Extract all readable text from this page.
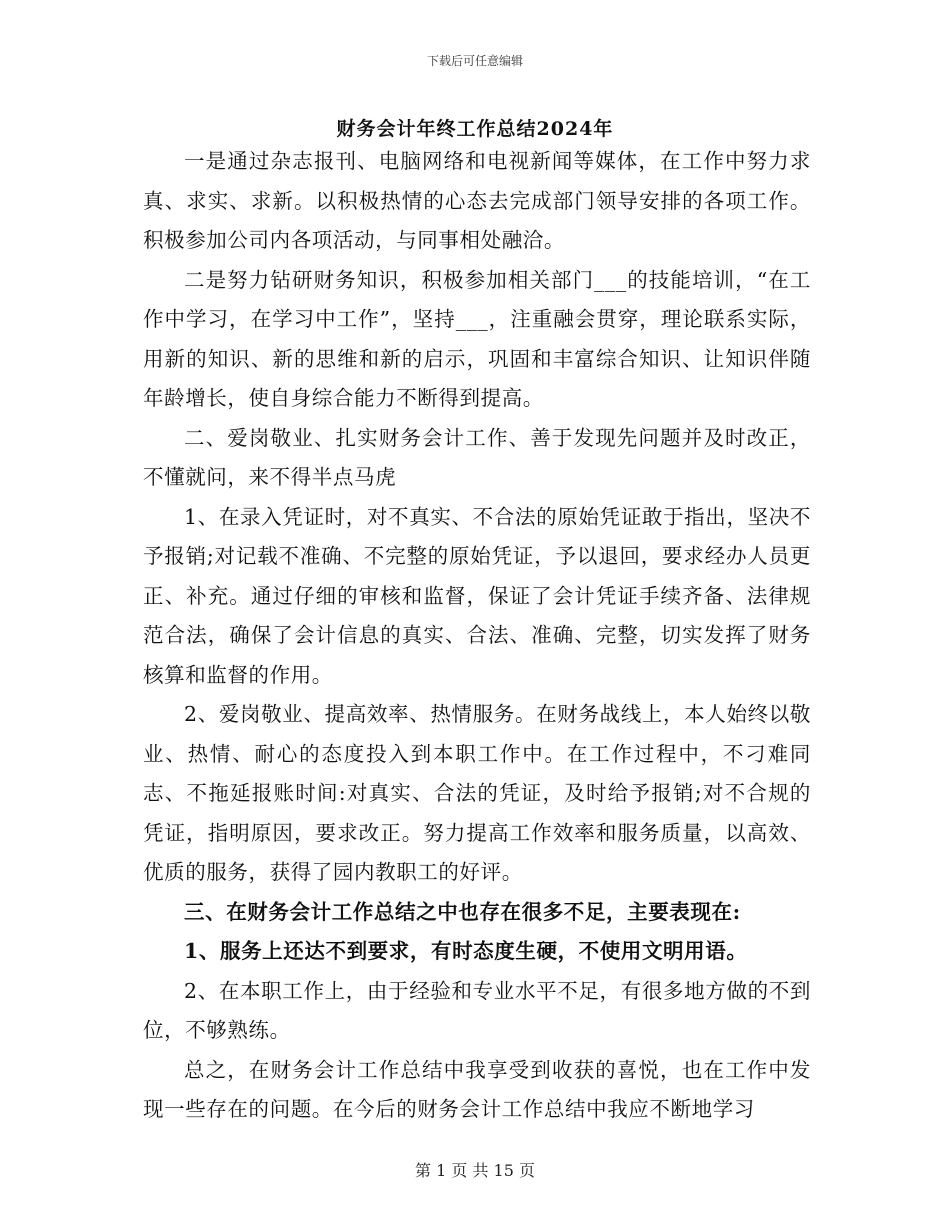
下载后可任意编辑
财务会计年终工作总结2024年

一是通过杂志报刊、电脑网络和电视新闻等媒体，在工作中努力求真、求实、求新。以积极热情的心态去完成部门领导安排的各项工作。积极参加公司内各项活动，与同事相处融洽。

二是努力钻研财务知识，积极参加相关部门___的技能培训，“在工作中学习，在学习中工作”，坚持___，注重融会贯穿，理论联系实际，用新的知识、新的思维和新的启示，巩固和丰富综合知识、让知识伴随年龄增长，使自身综合能力不断得到提高。

二、爱岗敬业、扎实财务会计工作、善于发现先问题并及时改正，不懂就问，来不得半点马虎

1、在录入凭证时，对不真实、不合法的原始凭证敢于指出，坚决不予报销;对记载不准确、不完整的原始凭证，予以退回，要求经办人员更正、补充。通过仔细的审核和监督，保证了会计凭证手续齐备、法律规范合法，确保了会计信息的真实、合法、准确、完整，切实发挥了财务核算和监督的作用。

2、爱岗敬业、提高效率、热情服务。在财务战线上，本人始终以敬业、热情、耐心的态度投入到本职工作中。在工作过程中，不刁难同志、不拖延报账时间:对真实、合法的凭证，及时给予报销;对不合规的凭证，指明原因，要求改正。努力提高工作效率和服务质量，以高效、优质的服务，获得了园内教职工的好评。

三、在财务会计工作总结之中也存在很多不足，主要表现在:

1、服务上还达不到要求，有时态度生硬，不使用文明用语。

2、在本职工作上，由于经验和专业水平不足，有很多地方做的不到位，不够熟练。

总之，在财务会计工作总结中我享受到收获的喜悦，也在工作中发现一些存在的问题。在今后的财务会计工作总结中我应不断地学习

第 1 页 共 15 页
